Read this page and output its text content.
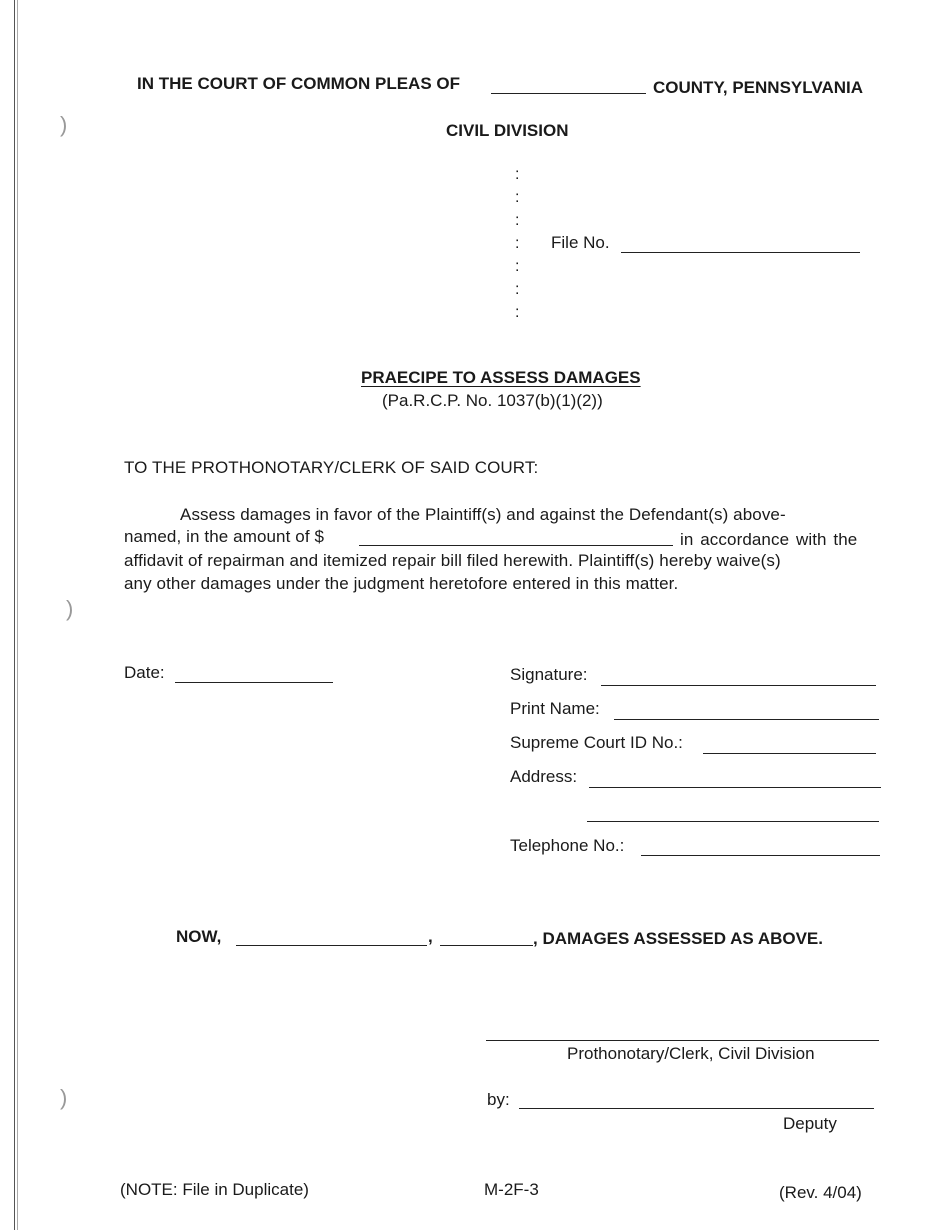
)
)
)
IN THE COURT OF COMMON PLEAS OF	COUNTY, PENNSYLVANIA
CIVIL DIVISION
:
:
:
:
:
:
:
File No.
PRAECIPE TO ASSESS DAMAGES
(Pa.R.C.P. No. 1037(b)(1)(2))
TO THE PROTHONOTARY/CLERK OF SAID COURT:
Assess damages in favor of the Plaintiff(s) and against the Defendant(s) above-
named, in the amount of $	in accordance with the
affidavit of repairman and itemized repair bill filed herewith. Plaintiff(s) hereby waive(s)
any other damages under the judgment heretofore entered in this matter.
Date:	Signature:
Print Name:
Supreme Court ID No.:
Address:
Telephone No.:
NOW,	,	, DAMAGES ASSESSED AS ABOVE.
Prothonotary/Clerk, Civil Division
by:
Deputy
(NOTE: File in Duplicate)	M-2F-3	(Rev. 4/04)
